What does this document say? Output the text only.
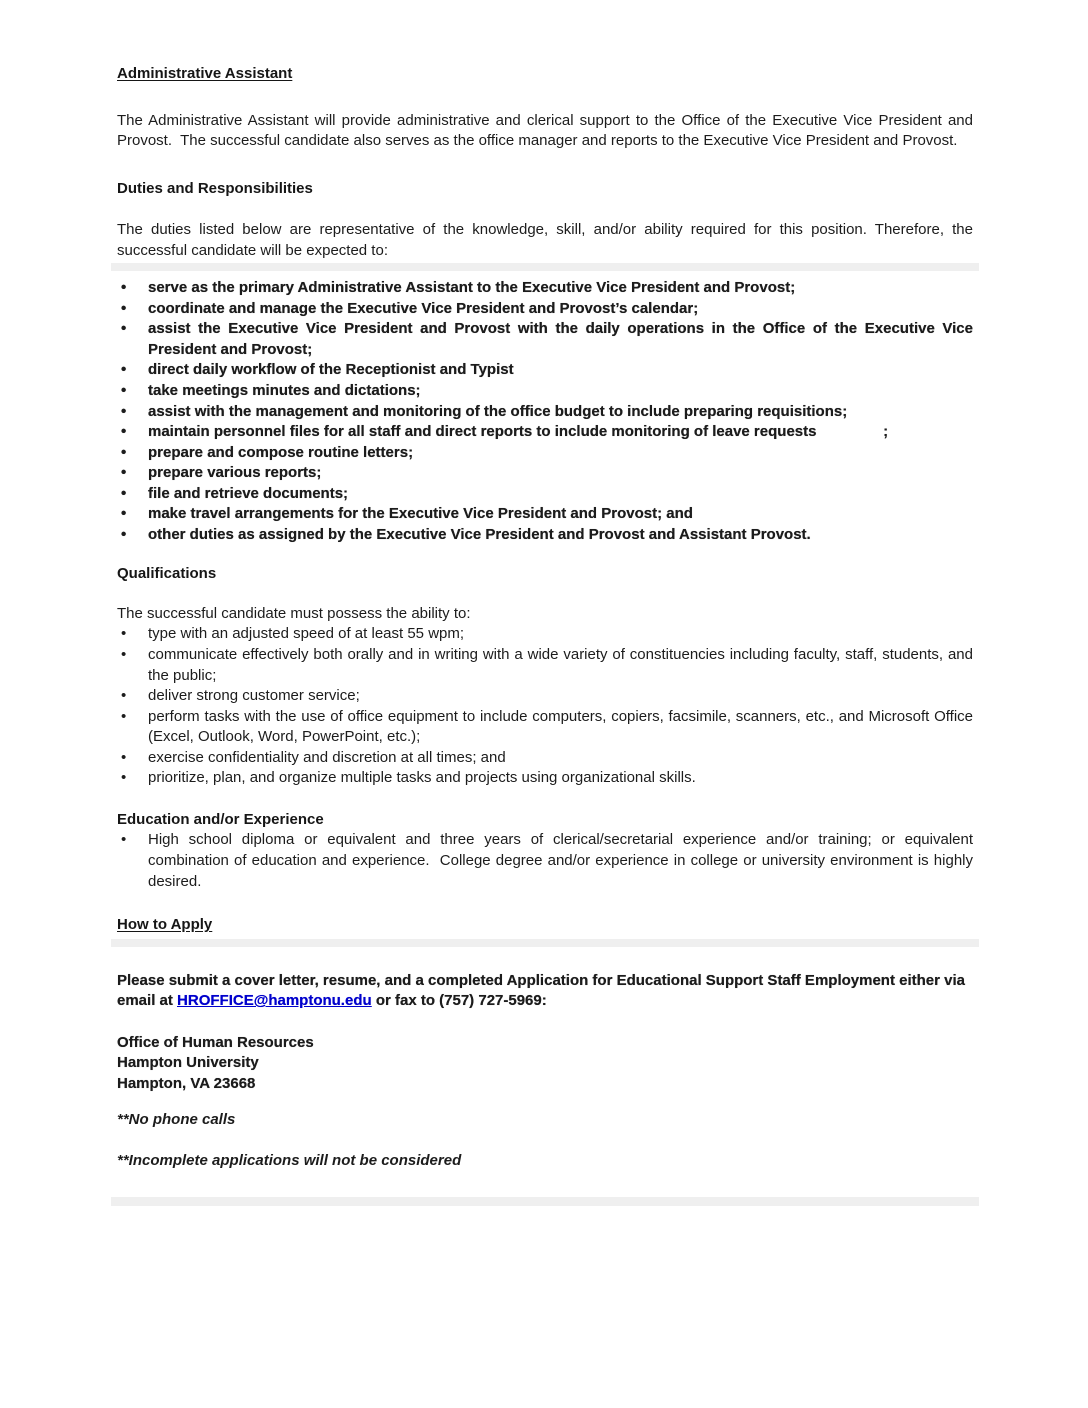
Administrative Assistant

The Administrative Assistant will provide administrative and clerical support to the Office of the Executive Vice President and Provost.  The successful candidate also serves as the office manager and reports to the Executive Vice President and Provost.

Duties and Responsibilities

The duties listed below are representative of the knowledge, skill, and/or ability required for this position. Therefore, the successful candidate will be expected to:

• serve as the primary Administrative Assistant to the Executive Vice President and Provost;
• coordinate and manage the Executive Vice President and Provost’s calendar;
• assist the Executive Vice President and Provost with the daily operations in the Office of the Executive Vice President and Provost;
• direct daily workflow of the Receptionist and Typist
• take meetings minutes and dictations;
• assist with the management and monitoring of the office budget to include preparing requisitions;
• maintain personnel files for all staff and direct reports to include monitoring of leave requests                ;
• prepare and compose routine letters;
• prepare various reports;
• file and retrieve documents;
• make travel arrangements for the Executive Vice President and Provost; and
• other duties as assigned by the Executive Vice President and Provost and Assistant Provost.
Qualifications

The successful candidate must possess the ability to:

• type with an adjusted speed of at least 55 wpm;
• communicate effectively both orally and in writing with a wide variety of constituencies including faculty, staff, students, and the public;
• deliver strong customer service;
• perform tasks with the use of office equipment to include computers, copiers, facsimile, scanners, etc., and Microsoft Office (Excel, Outlook, Word, PowerPoint, etc.);
• exercise confidentiality and discretion at all times; and
• prioritize, plan, and organize multiple tasks and projects using organizational skills.
Education and/or Experience
• High school diploma or equivalent and three years of clerical/secretarial experience and/or training; or equivalent combination of education and experience.  College degree and/or experience in college or university environment is highly desired.
How to Apply

Please submit a cover letter, resume, and a completed Application for Educational Support Staff Employment either via email at HROFFICE@hamptonu.edu or fax to (757) 727-5969:

Office of Human Resources

Hampton University

Hampton, VA 23668

**No phone calls

**Incomplete applications will not be considered
